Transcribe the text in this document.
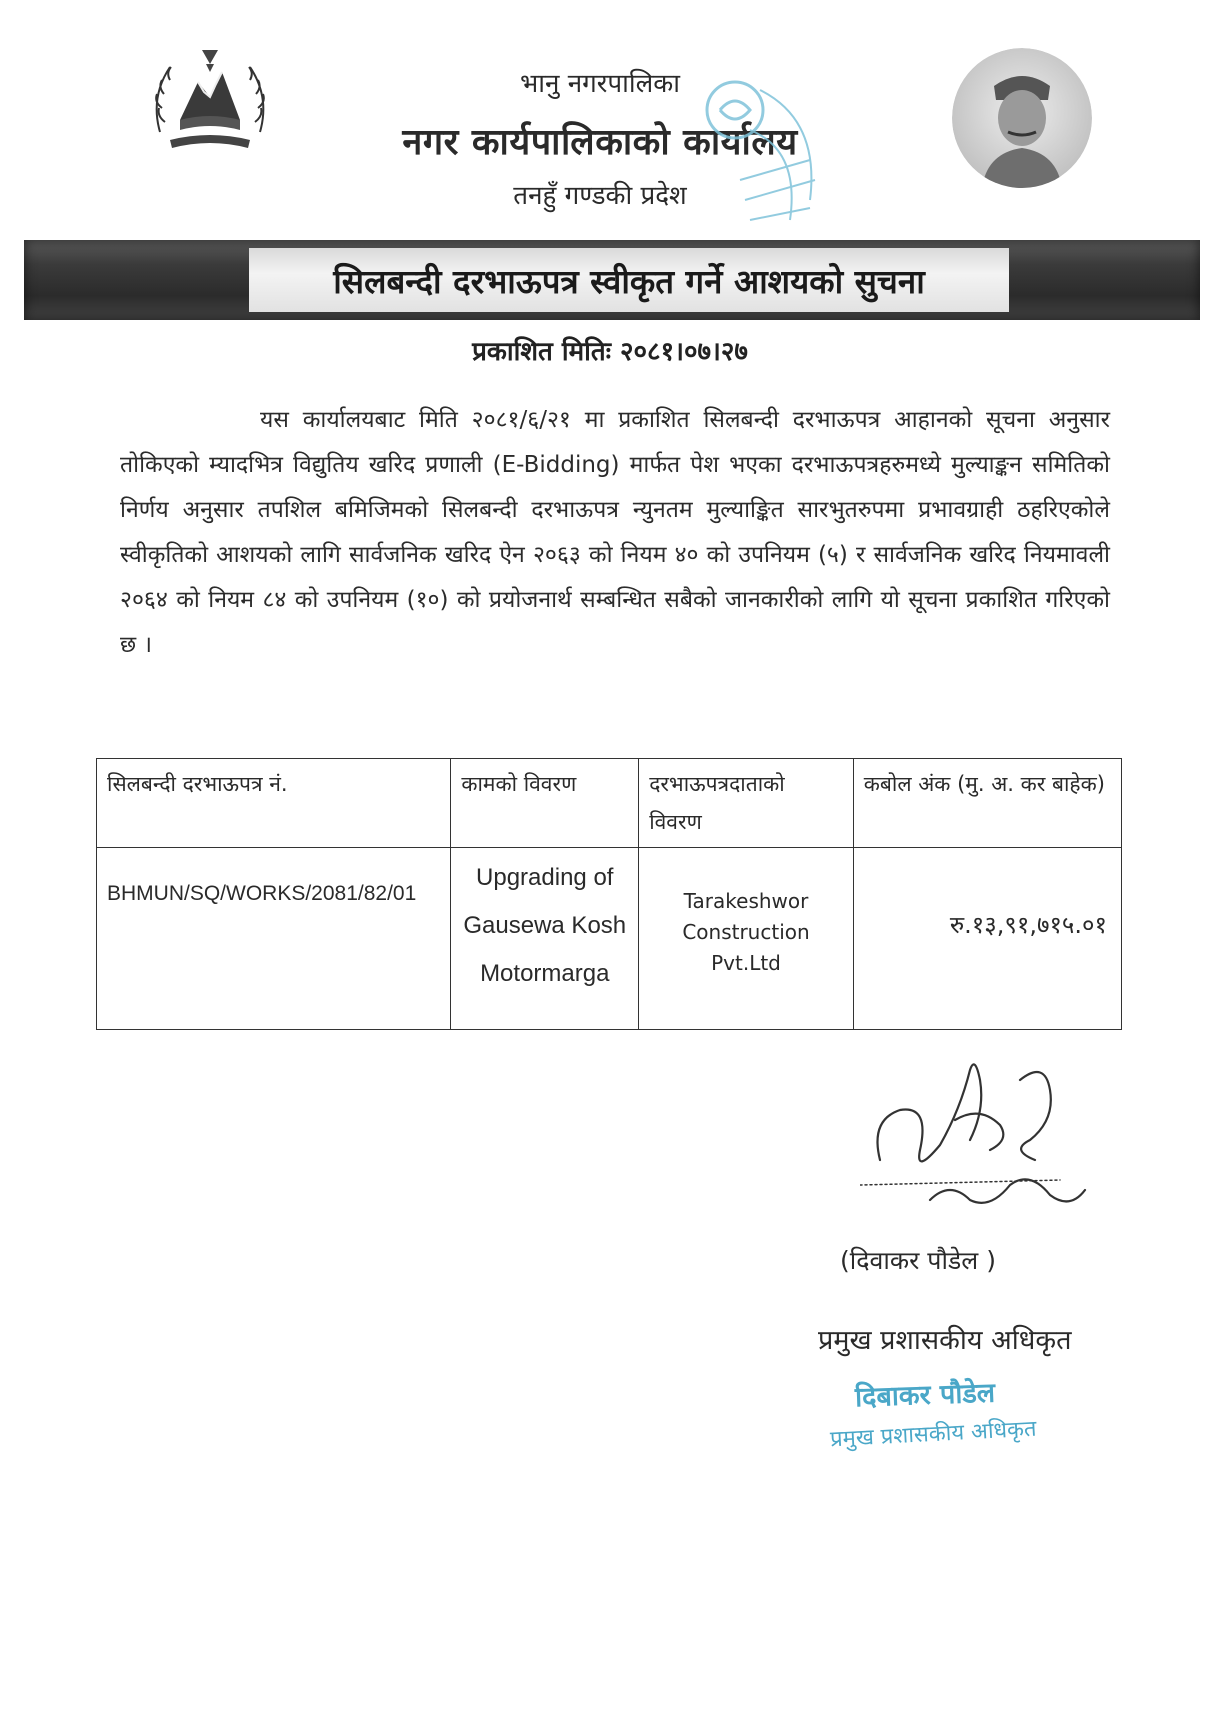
भानु नगरपालिका
नगर कार्यपालिकाको कार्यालय
तनहुँ गण्डकी प्रदेश
सिलबन्दी दरभाऊपत्र स्वीकृत गर्ने आशयको सुचना
प्रकाशित मितिः २०८१।०७।२७
यस कार्यालयबाट मिति २०८१/६/२१ मा प्रकाशित सिलबन्दी दरभाऊपत्र आहानको सूचना अनुसार तोकिएको म्यादभित्र विद्युतिय खरिद प्रणाली (E-Bidding) मार्फत पेश भएका दरभाऊपत्रहरुमध्ये मुल्याङ्कन समितिको निर्णय अनुसार तपशिल बमिजिमको सिलबन्दी दरभाऊपत्र न्युनतम मुल्याङ्कित सारभुतरुपमा प्रभावग्राही ठहरिएकोले स्वीकृतिको आशयको लागि सार्वजनिक खरिद ऐन २०६३ को नियम ४० को उपनियम (५) र सार्वजनिक खरिद नियमावली २०६४ को नियम ८४ को उपनियम (१०) को प्रयोजनार्थ सम्बन्धित सबैको जानकारीको लागि यो सूचना प्रकाशित गरिएको छ ।
सिलबन्दी दरभाऊपत्र नं.	कामको विवरण	दरभाऊपत्रदाताको विवरण	कबोल अंक (मु. अ. कर बाहेक)
BHMUN/SQ/WORKS/2081/82/01	Upgrading of Gausewa Kosh Motormarga	Tarakeshwor Construction Pvt.Ltd	रु.१३,९१,७१५.०१
(दिवाकर पौडेल )
प्रमुख प्रशासकीय अधिकृत
दिबाकर पौडेल
प्रमुख प्रशासकीय अधिकृत
